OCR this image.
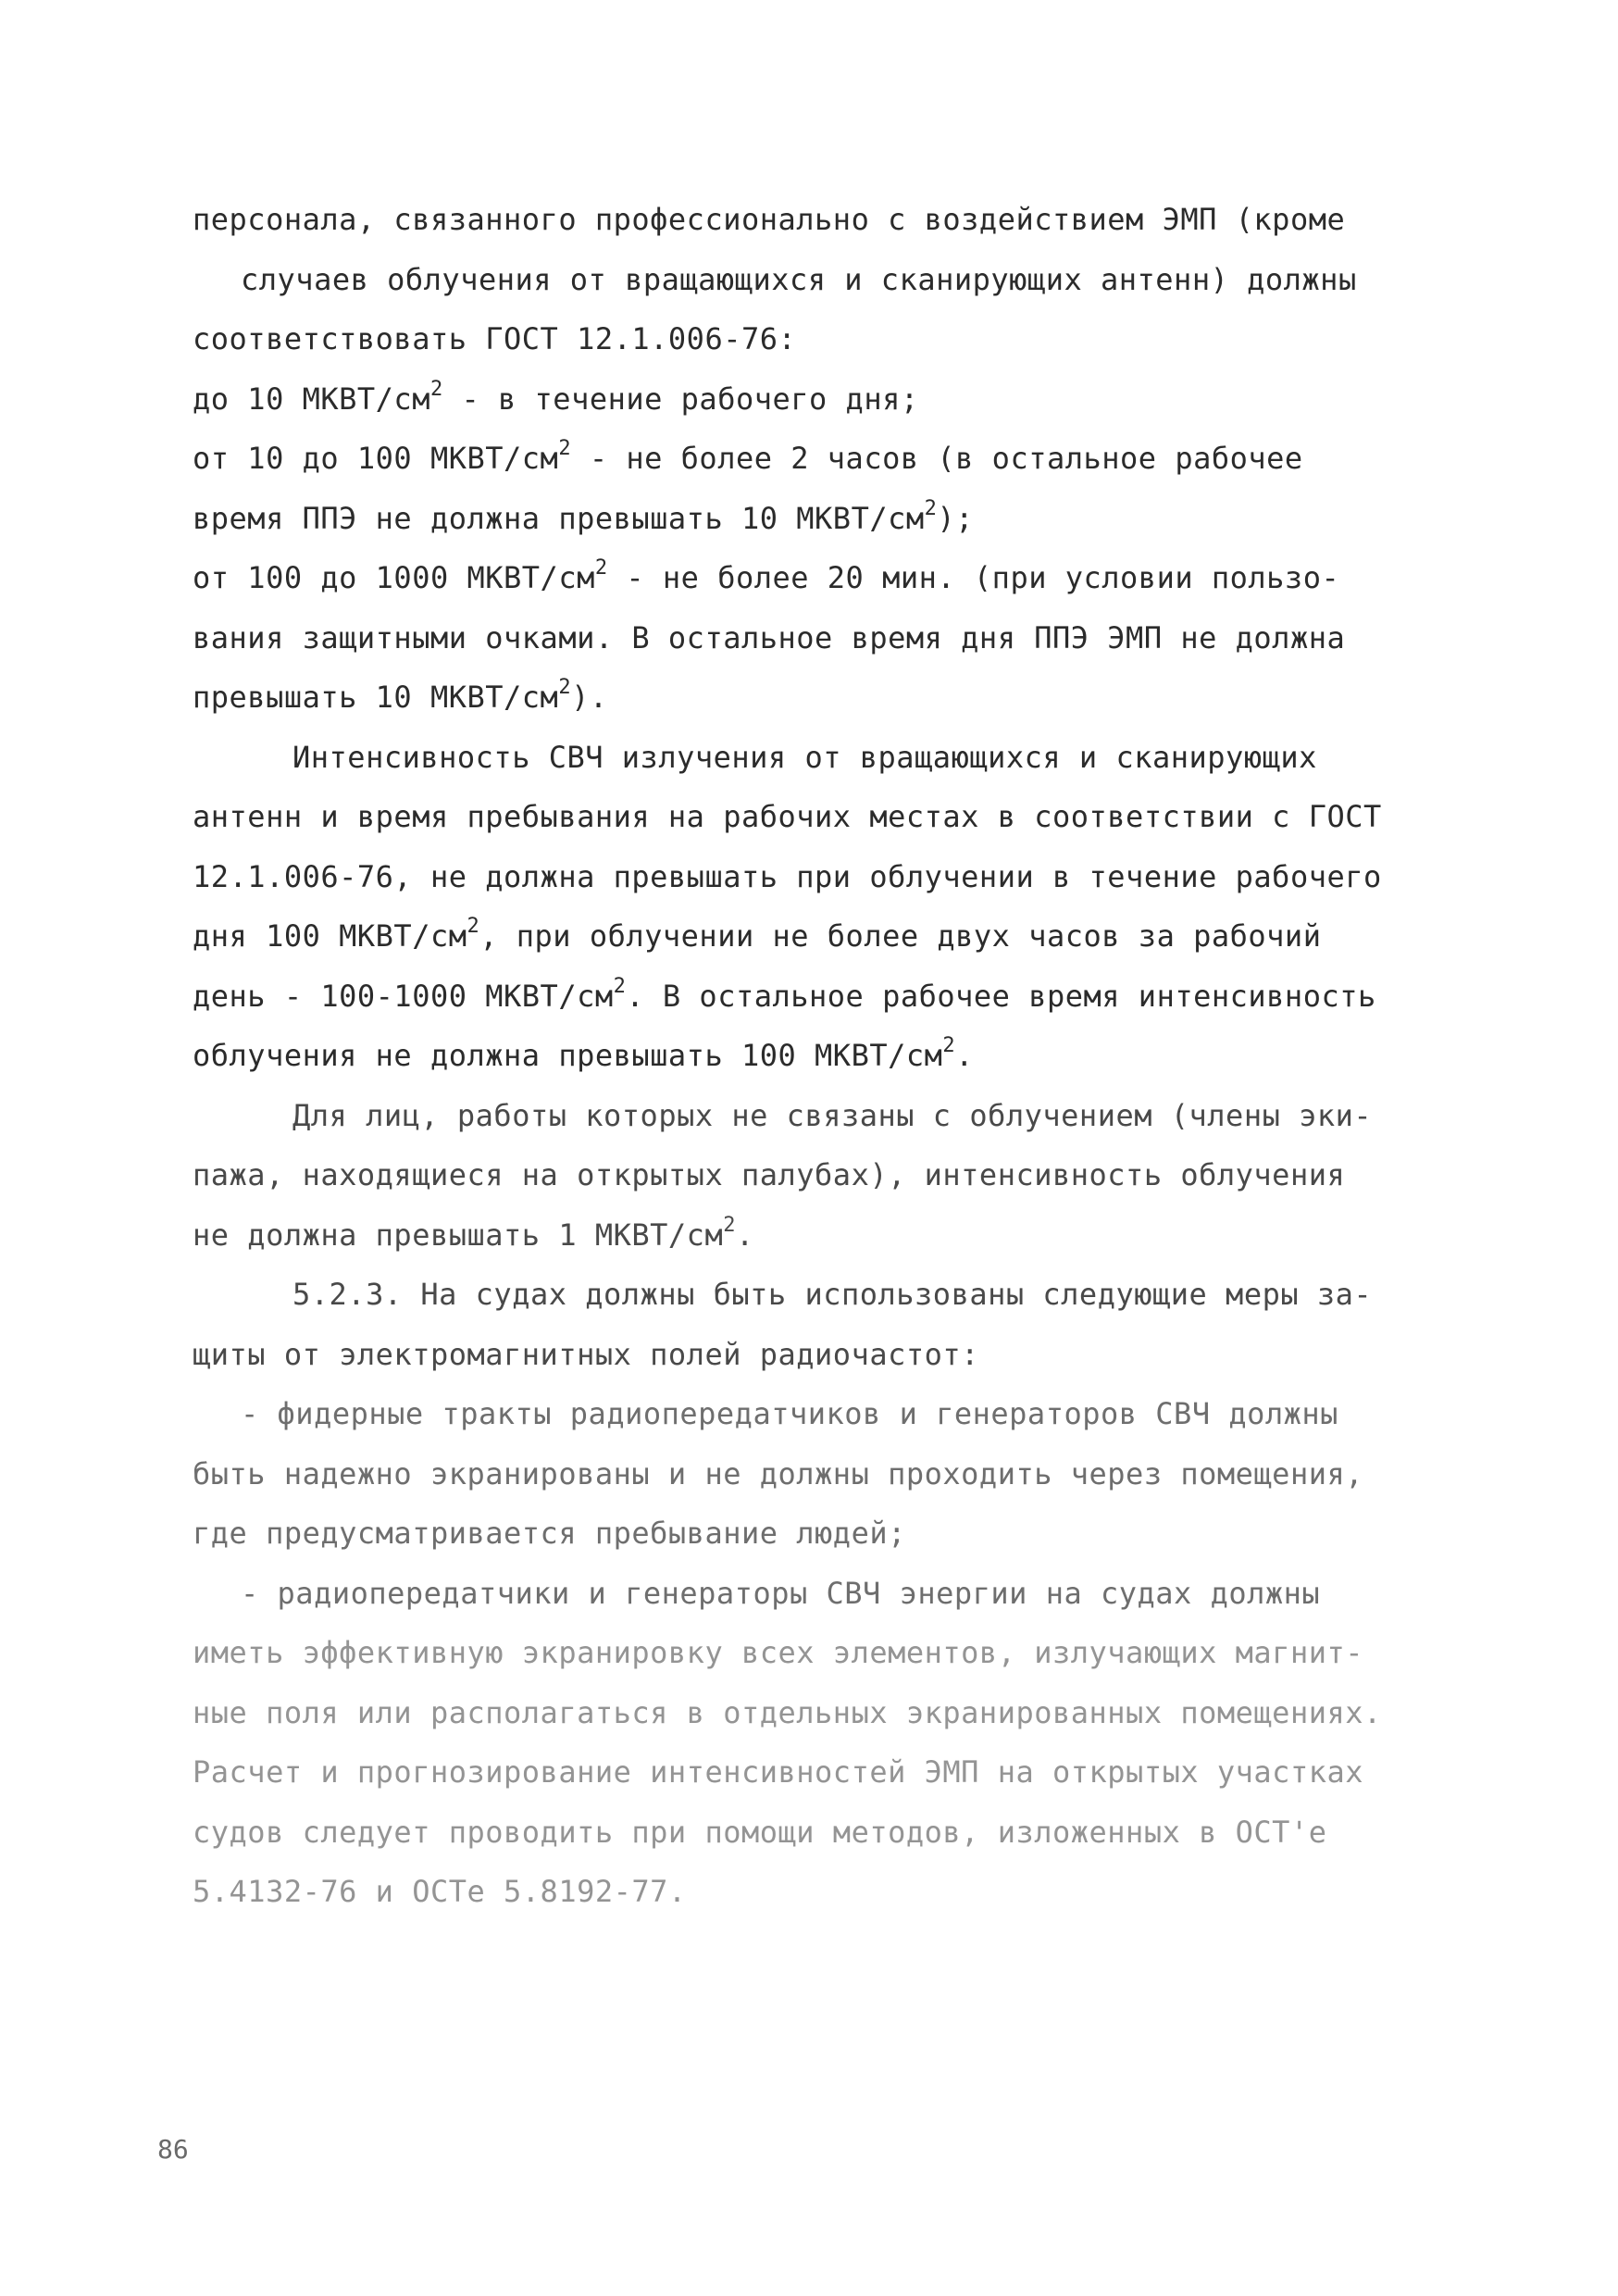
персонала, связанного профессионально с воздействием ЭМП (кроме
случаев облучения от вращающихся и сканирующих антенн) должны
соответствовать ГОСТ 12.1.006-76:
до 10 МКВТ/$см^2$ - в течение рабочего дня;
от 10 до 100 МКВТ/$см^2$ - не более 2 часов (в остальное рабочее
время ППЭ не должна превышать 10 МКВТ/$см^2$);
от 100 до 1000 МКВТ/$см^2$ - не более 20 мин. (при условии пользо-
вания защитными очками. В остальное время дня ППЭ ЭМП не должна
превышать 10 МКВТ/$см^2$).
Интенсивность СВЧ излучения от вращающихся и сканирующих
антенн и время пребывания на рабочих местах в соответствии с ГОСТ
12.1.006-76, не должна превышать при облучении в течение рабочего
дня 100 МКВТ/$см^2$, при облучении не более двух часов за рабочий
день - 100-1000 МКВТ/$см^2$. В остальное рабочее время интенсивность
облучения не должна превышать 100 МКВТ/$см^2$.
Для лиц, работы которых не связаны с облучением (члены эки-
пажа, находящиеся на открытых палубах), интенсивность облучения
не должна превышать 1 МКВТ/$см^2$.
5.2.3. На судах должны быть использованы следующие меры за-
щиты от электромагнитных полей радиочастот:
- фидерные тракты радиопередатчиков и генераторов СВЧ должны
быть надежно экранированы и не должны проходить через помещения,
где предусматривается пребывание людей;
- радиопередатчики и генераторы СВЧ энергии на судах должны
иметь эффективную экранировку всех элементов, излучающих магнит-
ные поля или располагаться в отдельных экранированных помещениях.
Расчет и прогнозирование интенсивностей ЭМП на открытых участках
судов следует проводить при помощи методов, изложенных в ОСТ'е
5.4132-76 и ОСТе 5.8192-77.
86
